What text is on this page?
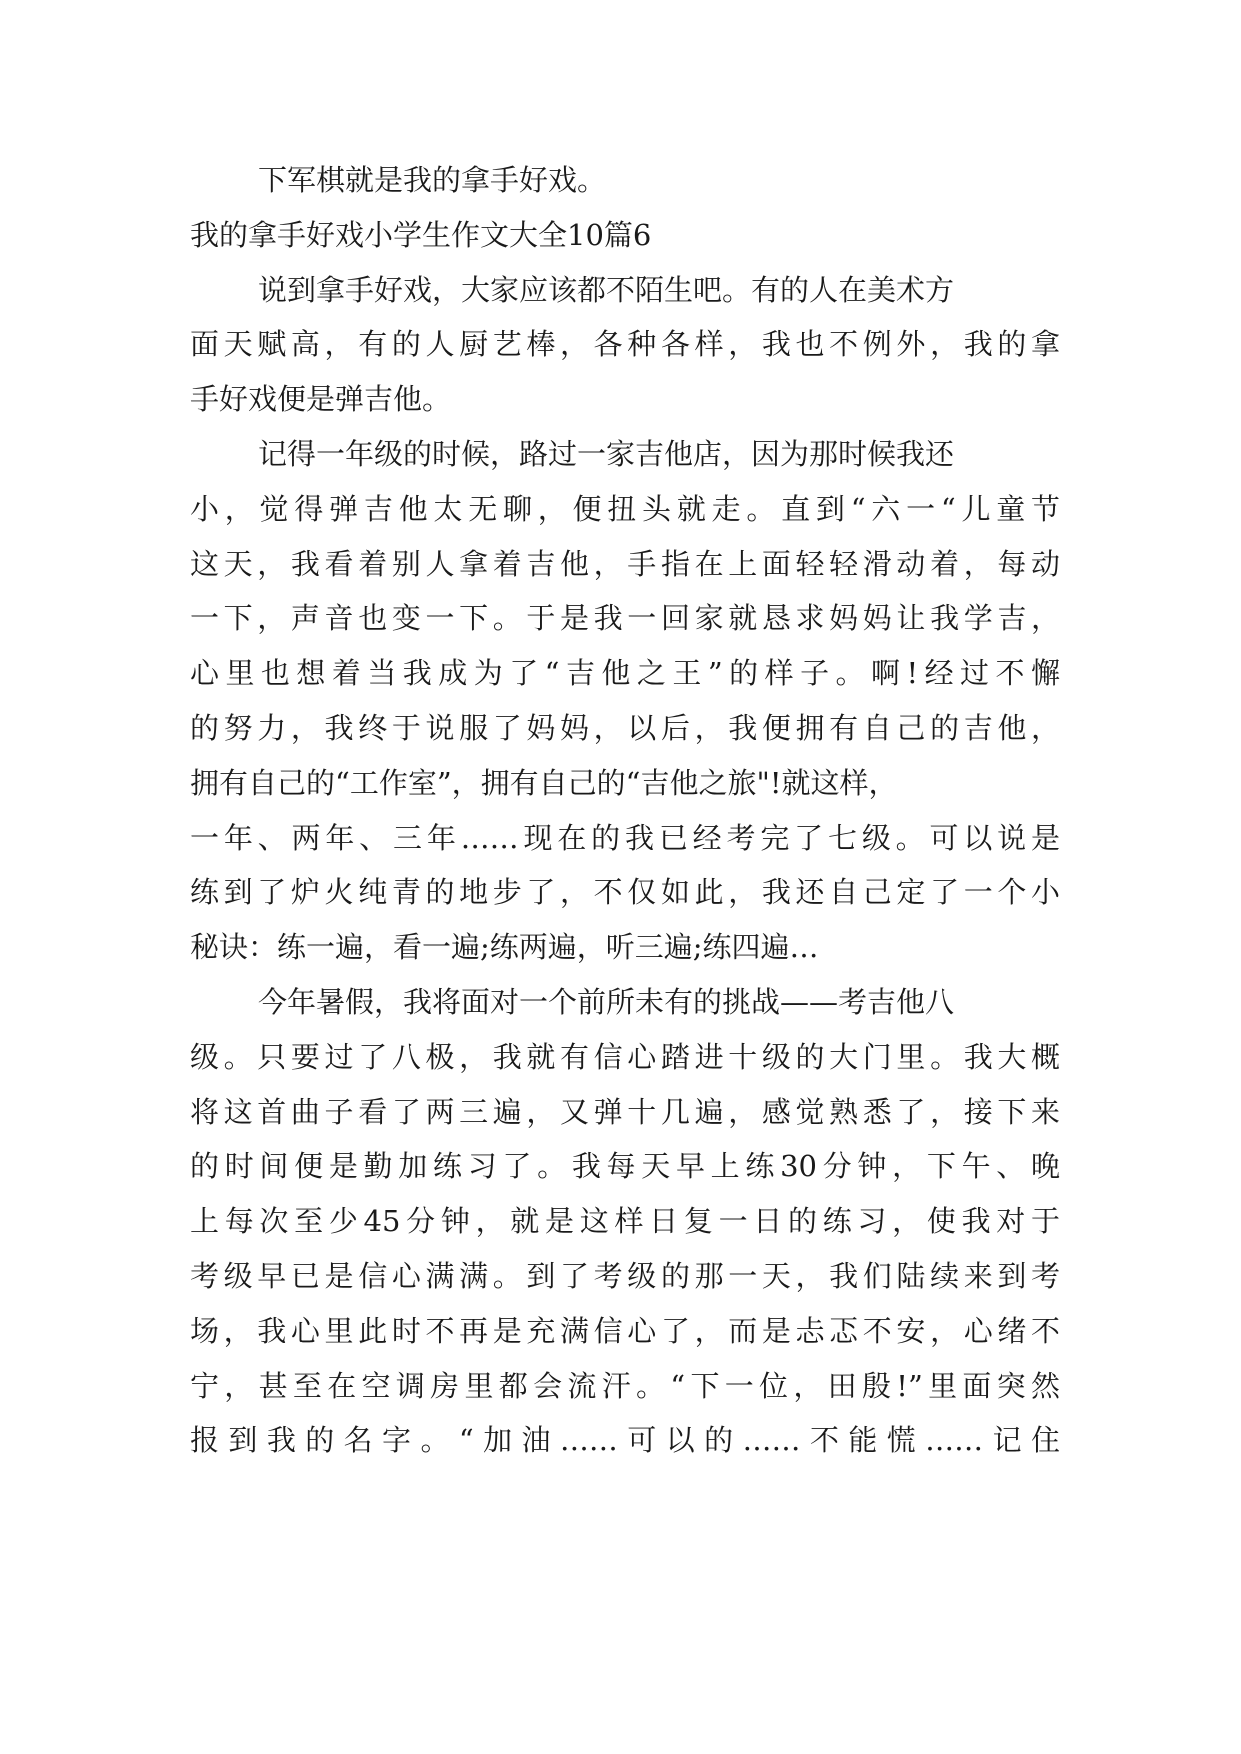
下军棋就是我的拿手好戏。
我的拿手好戏小学生作文大全10篇6
说到拿手好戏，大家应该都不陌生吧。有的人在美术方
面天赋高，有的人厨艺棒，各种各样，我也不例外，我的拿
手好戏便是弹吉他。
记得一年级的时候，路过一家吉他店，因为那时候我还
小，觉得弹吉他太无聊，便扭头就走。直到“六一“儿童节
这天，我看着别人拿着吉他，手指在上面轻轻滑动着，每动
一下，声音也变一下。于是我一回家就恳求妈妈让我学吉，
心里也想着当我成为了“吉他之王”的样子。啊!经过不懈
的努力，我终于说服了妈妈，以后，我便拥有自己的吉他，
拥有自己的“工作室”，拥有自己的“吉他之旅"!就这样，
一年、两年、三年……现在的我已经考完了七级。可以说是
练到了炉火纯青的地步了，不仅如此，我还自己定了一个小
秘诀：练一遍，看一遍;练两遍，听三遍;练四遍…
今年暑假，我将面对一个前所未有的挑战——考吉他八
级。只要过了八极，我就有信心踏进十级的大门里。我大概
将这首曲子看了两三遍，又弹十几遍，感觉熟悉了，接下来
的时间便是勤加练习了。我每天早上练30分钟，下午、晚
上每次至少45分钟，就是这样日复一日的练习，使我对于
考级早已是信心满满。到了考级的那一天，我们陆续来到考
场，我心里此时不再是充满信心了，而是忐忑不安，心绪不
宁，甚至在空调房里都会流汗。“下一位，田殷!”里面突然
报到我的名字。“加油……可以的……不能慌……记住
